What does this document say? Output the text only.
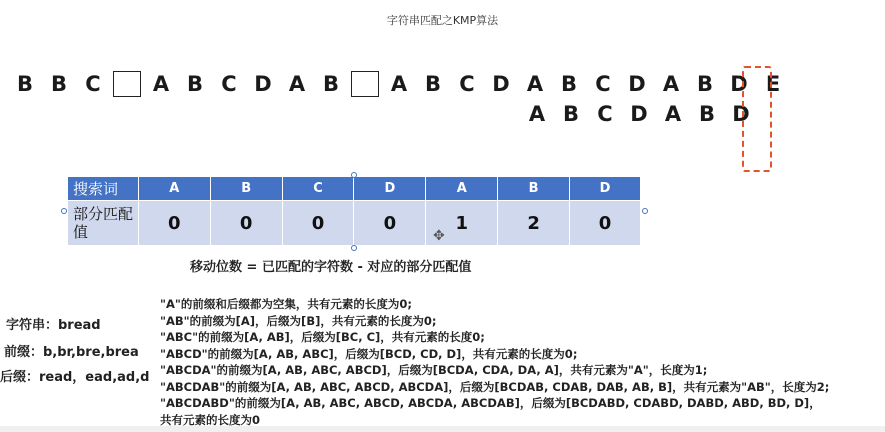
字符串匹配之KMP算法
B B C	A B C D A B	A B C D A B C D A B D E
A B C D A B D
搜索词	A	B	C	D	A	B	D
部分匹配值	0	0	0	0	1	2	0
✥
移动位数 = 已匹配的字符数 - 对应的部分匹配值
字符串：bread
前缀：b,br,bre,brea
后缀：read，ead,ad,d
"A"的前缀和后缀都为空集，共有元素的长度为0;
"AB"的前缀为[A]，后缀为[B]，共有元素的长度为0;
"ABC"的前缀为[A, AB]，后缀为[BC, C]，共有元素的长度0;
"ABCD"的前缀为[A, AB, ABC]，后缀为[BCD, CD, D]，共有元素的长度为0;
"ABCDA"的前缀为[A, AB, ABC, ABCD]，后缀为[BCDA, CDA, DA, A]，共有元素为"A"，长度为1;
"ABCDAB"的前缀为[A, AB, ABC, ABCD, ABCDA]，后缀为[BCDAB, CDAB, DAB, AB, B]，共有元素为"AB"，长度为2;
"ABCDABD"的前缀为[A, AB, ABC, ABCD, ABCDA, ABCDAB]，后缀为[BCDABD, CDABD, DABD, ABD, BD, D]，
共有元素的长度为0
